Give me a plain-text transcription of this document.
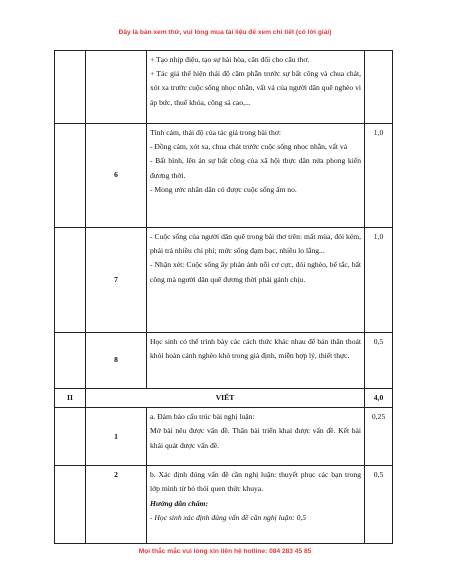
Đây là bản xem thử, vui lòng mua tài liệu để xem chi tiết (có lời giải)

		+ Tạo nhịp điệu, tạo sự hài hòa, cân đối cho câu thơ.

+ Tác giả thể hiện thái độ căm phẫn trước sự bất công và chua chát, xót xa trước cuộc sống nhọc nhằn, vất vả của người dân quê nghèo vì áp bức, thuế khóa, công sá cao,...	

	6	Tình cảm, thái độ của tác giả trong bài thơ:

- Đồng cảm, xót xa, chua chát trước cuộc sống nhọc nhằn, vất vả

- Bất bình, lên án sự bất công của xã hội thực dân nửa phong kiến đương thời.

- Mong ước nhân dân có được cuộc sống ấm no.	1,0
	7	- Cuộc sống của người dân quê trong bài thơ trên: mất mùa, đói kém, phải trả nhiều chi phí; mức sống đạm bạc, nhiều lo lắng...

- Nhận xét: Cuộc sống ấy phản ánh nỗi cơ cực, đói nghèo, bế tắc, bất công mà người dân quê đương thời phải gánh chịu.	1,0
	8	Học sinh có thể trình bày các cách thức khác nhau để bản thân thoát khỏi hoàn cảnh nghèo khó trong giả định, miễn hợp lý, thiết thực.	0,5
II	VIẾT		4,0
	1	a. Đảm bảo cấu trúc bài nghị luận:

Mở bài nêu được vấn đề. Thân bài triển khai được vấn đề. Kết bài khái quát được vấn đề.	0,25
	2	b. Xác định đúng vấn đề cần nghị luận: thuyết phục các bạn trong lớp mình từ bỏ thói quen thức khuya.

Hướng dẫn chấm:

- Học sinh xác định đúng vấn đề cần nghị luận: 0,5	0,5
Mọi thắc mắc vui lòng xin liên hệ hotline: 084 283 45 85
